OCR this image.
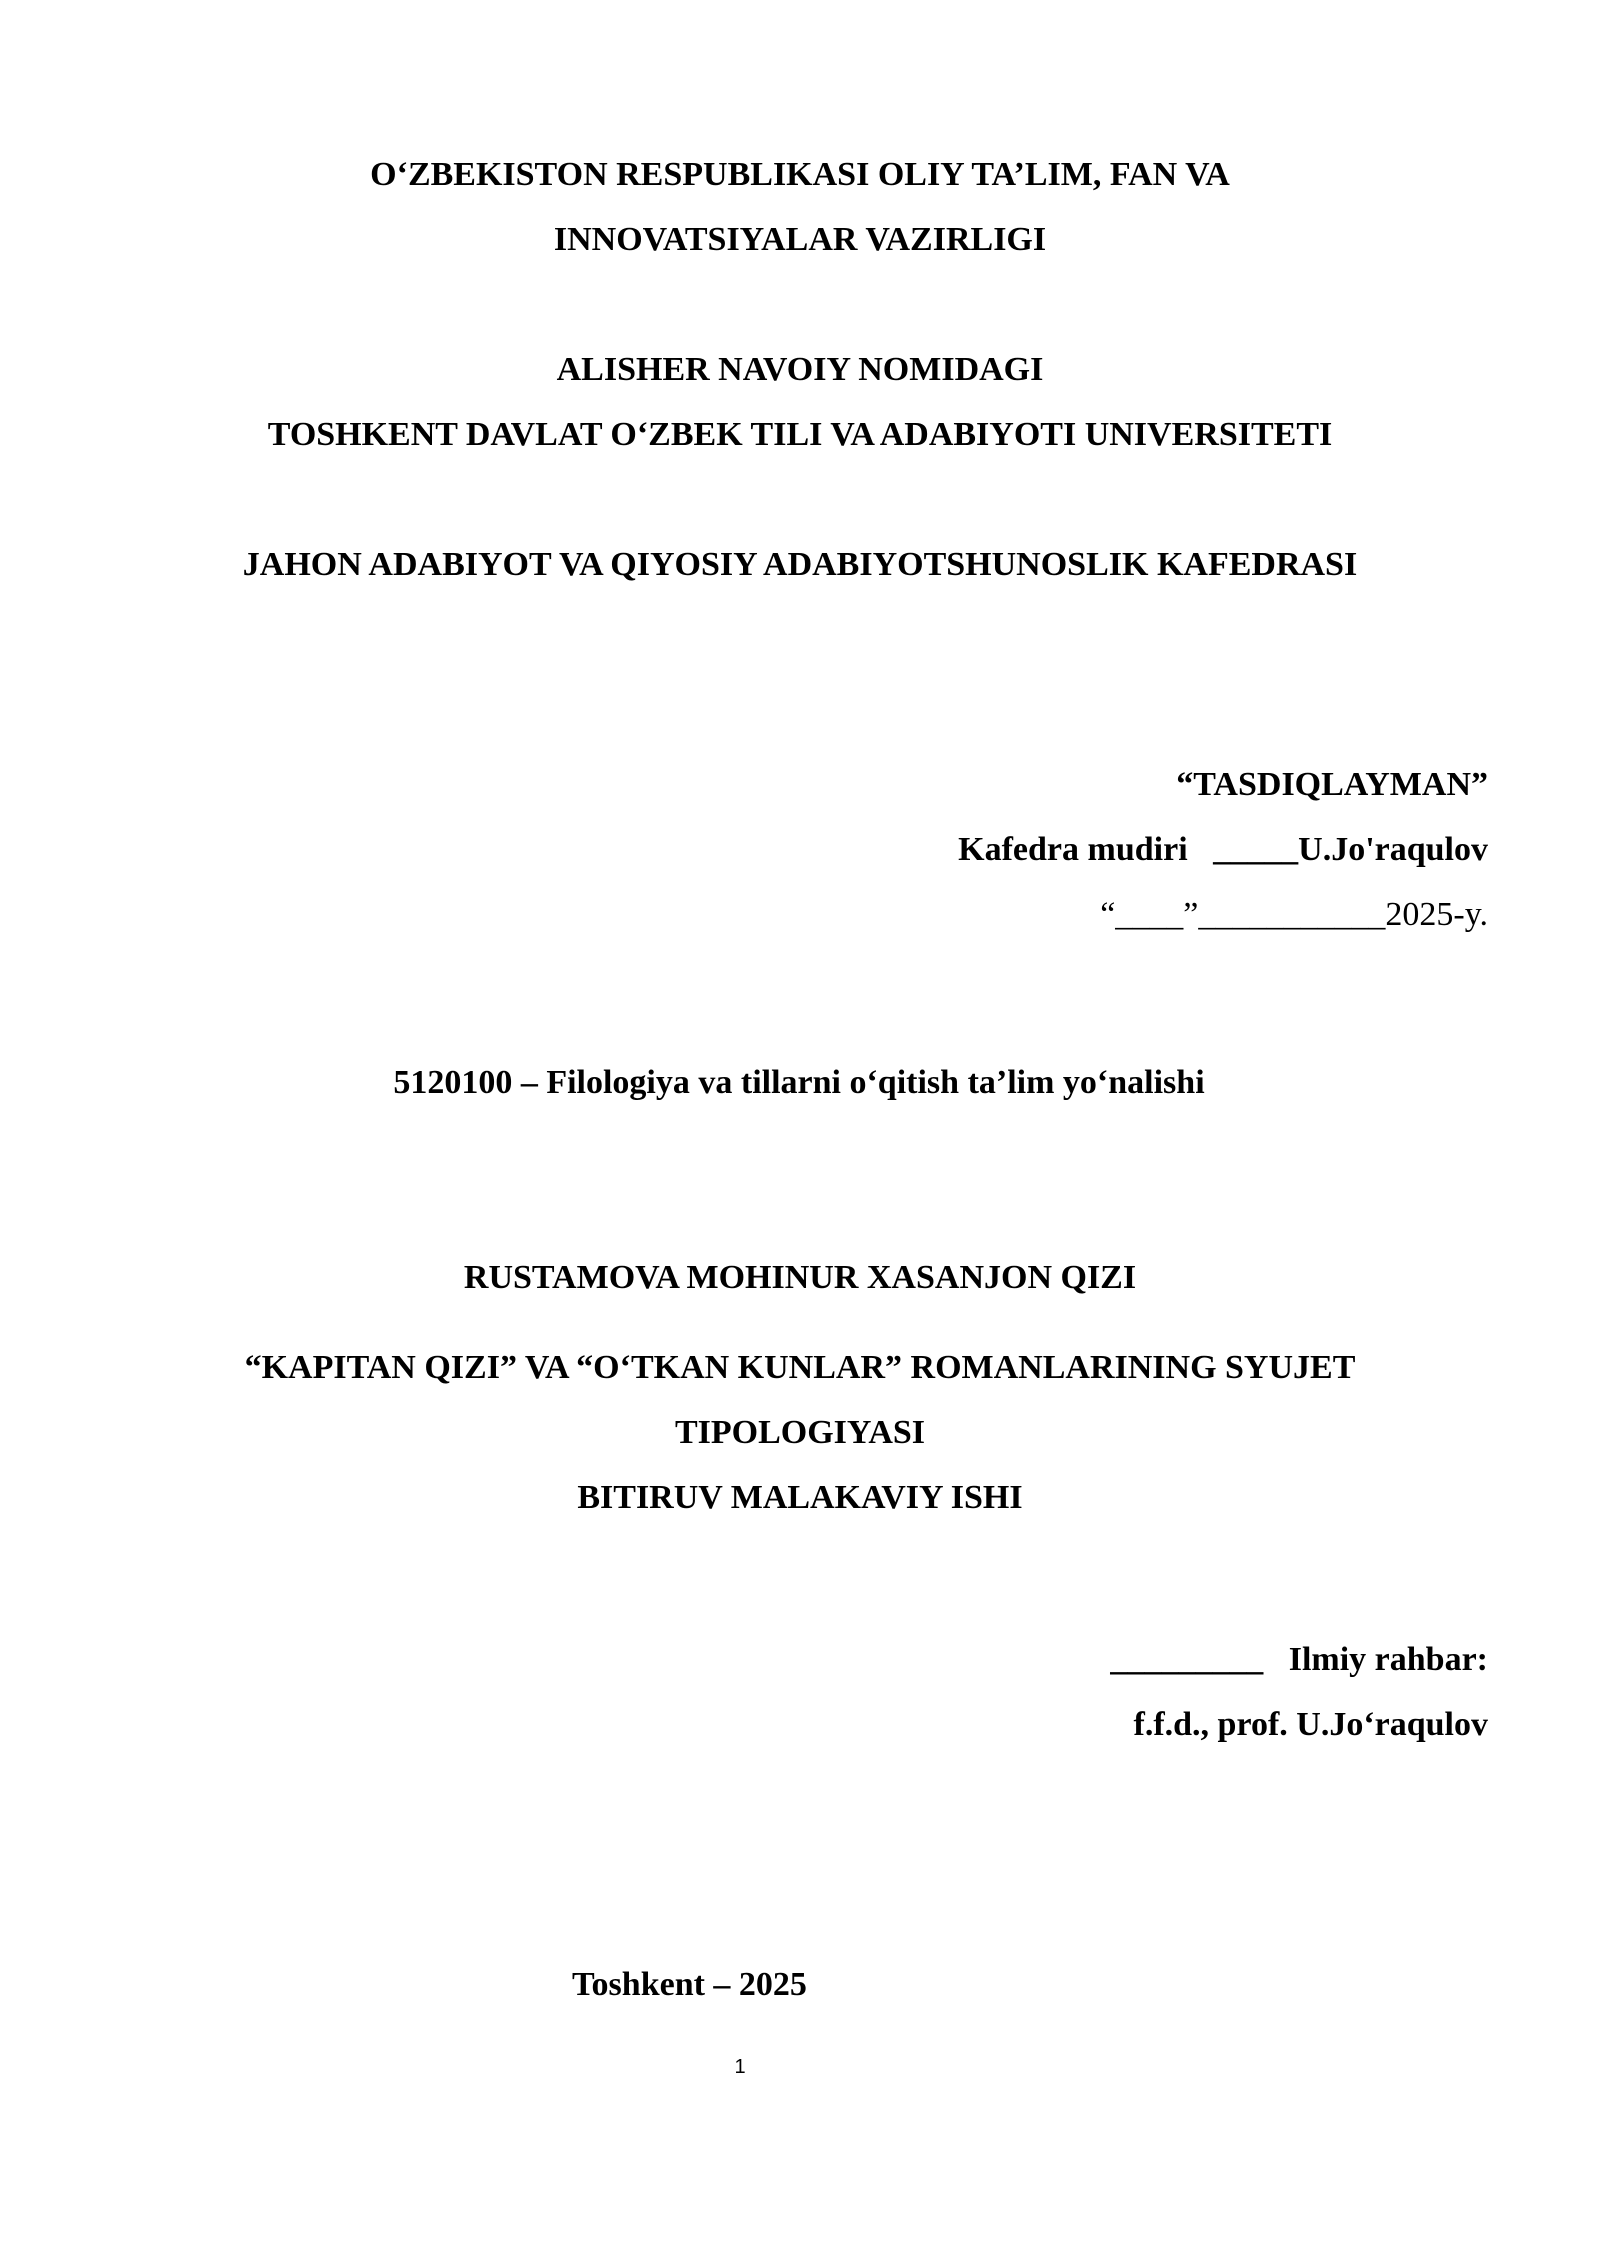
O‘ZBEKISTON RESPUBLIKASI OLIY TA’LIM, FAN VA
INNOVATSIYALAR VAZIRLIGI
ALISHER NAVOIY NOMIDAGI
TOSHKENT DAVLAT O‘ZBEK TILI VA ADABIYOTI UNIVERSITETI
JAHON ADABIYOT VA QIYOSIY ADABIYOTSHUNOSLIK KAFEDRASI
“TASDIQLAYMAN”
Kafedra mudiri _____U.Jo'raqulov
“____”___________2025-y.
5120100 – Filologiya va tillarni o‘qitish ta’lim yo‘nalishi
RUSTAMOVA MOHINUR XASANJON QIZI
“KAPITAN QIZI” VA “O‘TKAN KUNLAR” ROMANLARINING SYUJET
TIPOLOGIYASI
BITIRUV MALAKAVIY ISHI
_________ Ilmiy rahbar:
f.f.d., prof. U.Jo‘raqulov
Toshkent – 2025
1
